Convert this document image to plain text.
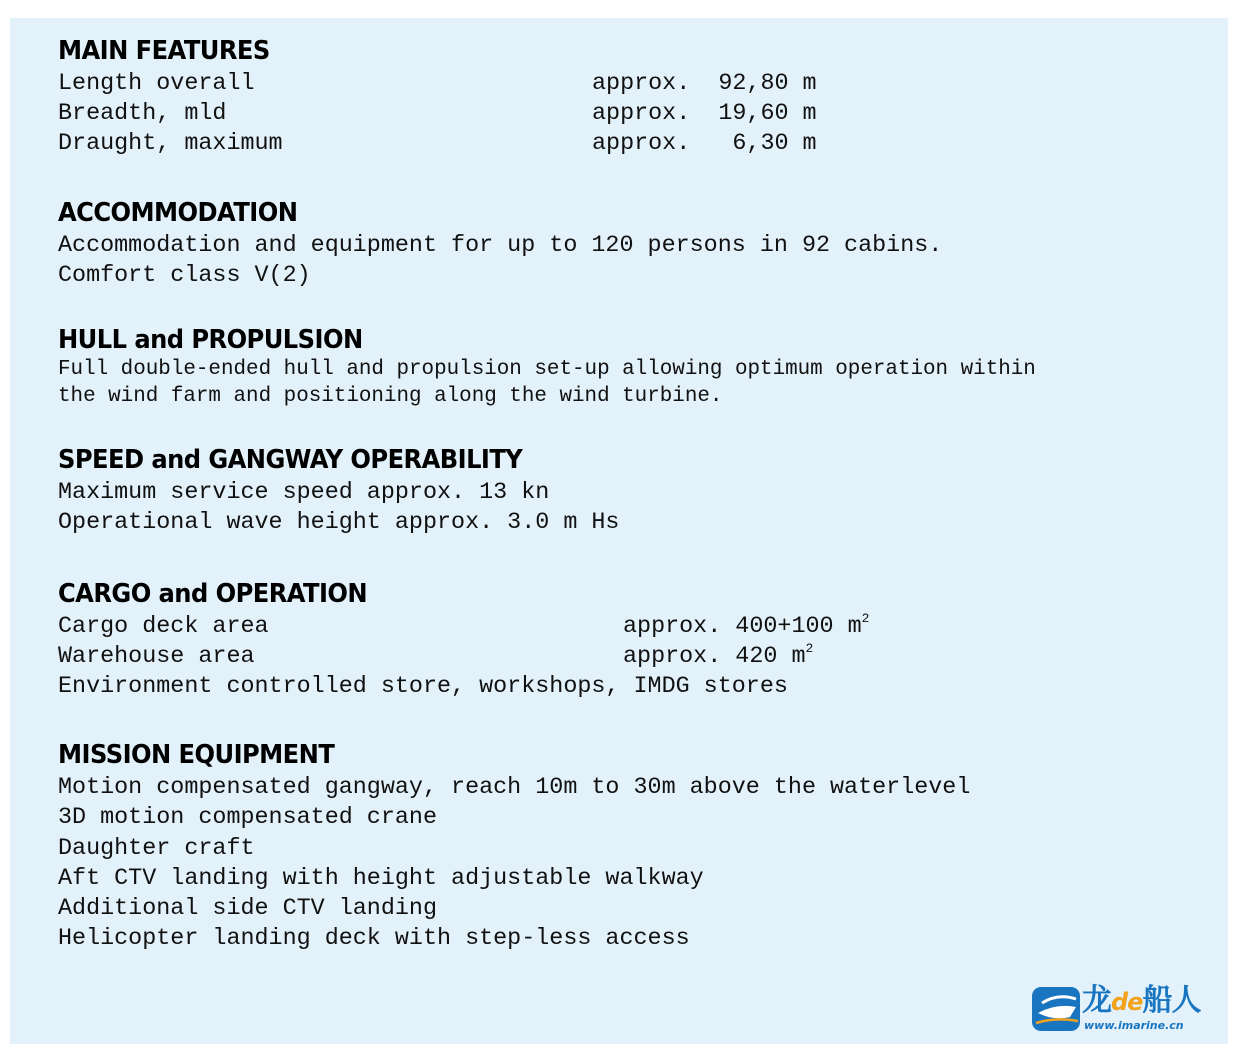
MAIN FEATURES
Length overall	approx.  92,80 m
Breadth, mld	approx.  19,60 m
Draught, maximum	approx.   6,30 m
ACCOMMODATION
Accommodation and equipment for up to 120 persons in 92 cabins.
Comfort class V(2)
HULL and PROPULSION
Full double-ended hull and propulsion set-up allowing optimum operation within
the wind farm and positioning along the wind turbine.
SPEED and GANGWAY OPERABILITY
Maximum service speed approx. 13 kn
Operational wave height approx. 3.0 m Hs
CARGO and OPERATION
Cargo deck area	approx. 400+100 $m^2$
Warehouse area	approx. 420 $m^2$
Environment controlled store, workshops, IMDG stores
MISSION EQUIPMENT
Motion compensated gangway, reach 10m to 30m above the waterlevel
3D motion compensated crane
Daughter craft
Aft CTV landing with height adjustable walkway
Additional side CTV landing
Helicopter landing deck with step-less access
龙de船人
www.imarine.cn
